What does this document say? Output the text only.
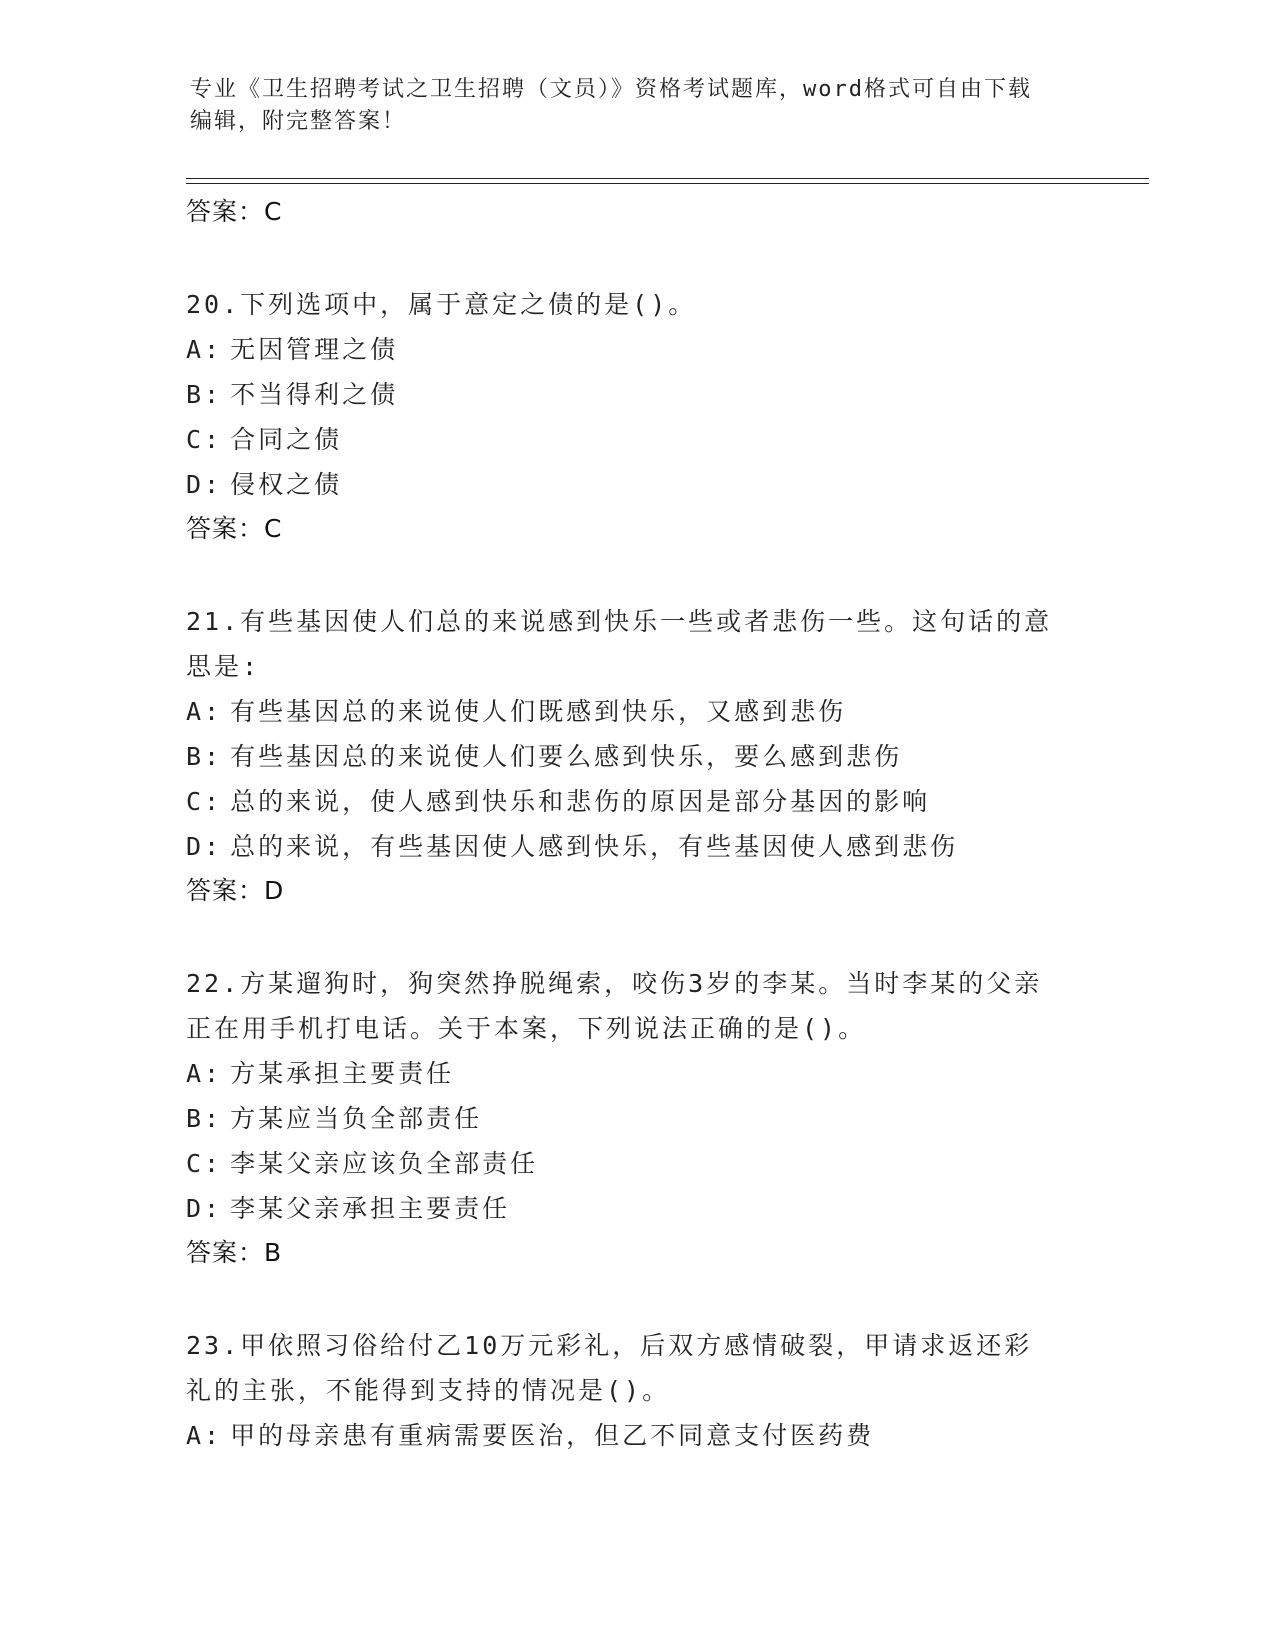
专业《卫生招聘考试之卫生招聘（文员）》资格考试题库，word格式可自由下载
编辑，附完整答案！
答案：C
20.下列选项中，属于意定之债的是()。
A: 无因管理之债
B: 不当得利之债
C: 合同之债
D: 侵权之债
答案：C
21.有些基因使人们总的来说感到快乐一些或者悲伤一些。这句话的意
思是:
A: 有些基因总的来说使人们既感到快乐，又感到悲伤
B: 有些基因总的来说使人们要么感到快乐，要么感到悲伤
C: 总的来说，使人感到快乐和悲伤的原因是部分基因的影响
D: 总的来说，有些基因使人感到快乐，有些基因使人感到悲伤
答案：D
22.方某遛狗时，狗突然挣脱绳索，咬伤3岁的李某。当时李某的父亲
正在用手机打电话。关于本案，下列说法正确的是()。
A: 方某承担主要责任
B: 方某应当负全部责任
C: 李某父亲应该负全部责任
D: 李某父亲承担主要责任
答案：B
23.甲依照习俗给付乙10万元彩礼，后双方感情破裂，甲请求返还彩
礼的主张，不能得到支持的情况是()。
A: 甲的母亲患有重病需要医治，但乙不同意支付医药费
